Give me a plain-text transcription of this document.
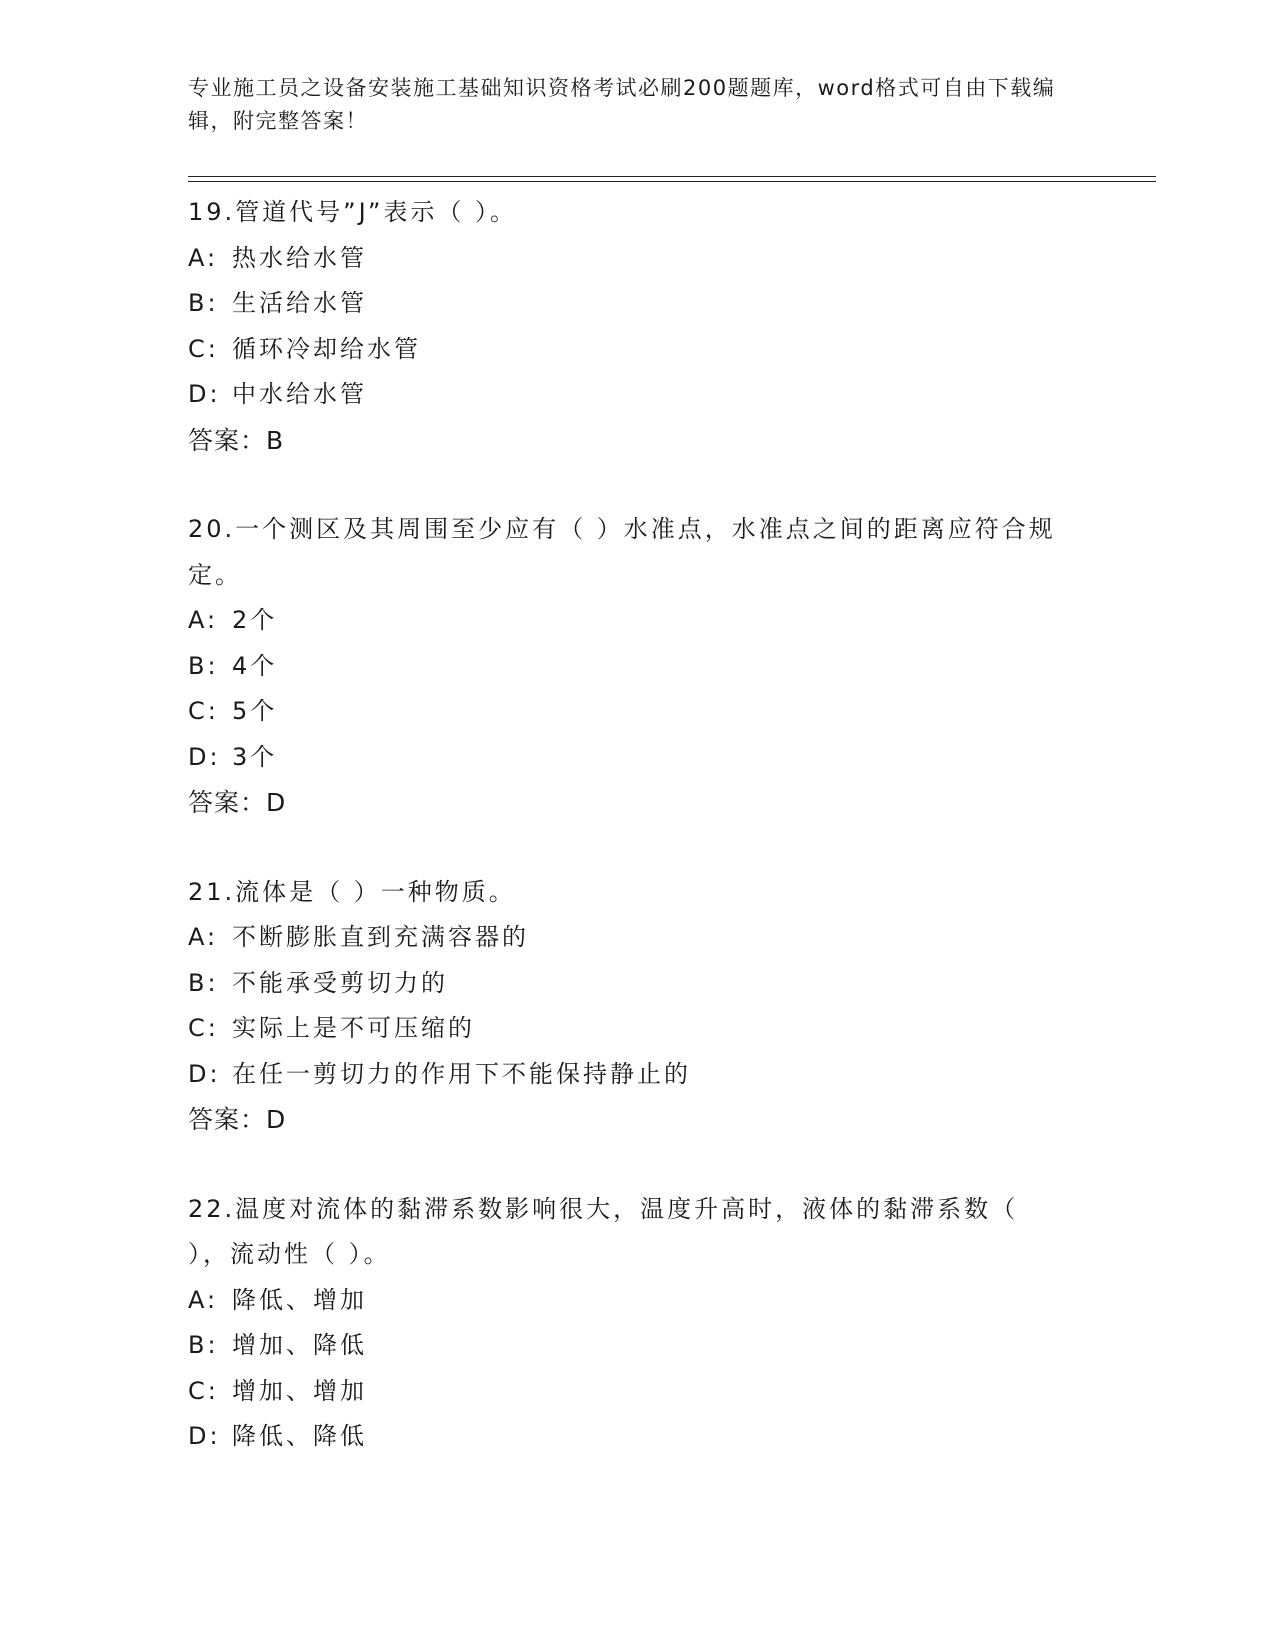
专业施工员之设备安装施工基础知识资格考试必刷200题题库，word格式可自由下载编辑，附完整答案！
19.管道代号”J”表示（ ）。
A: 热水给水管
B: 生活给水管
C: 循环冷却给水管
D: 中水给水管
答案：B
20.一个测区及其周围至少应有（ ）水准点，水准点之间的距离应符合规定。
A: 2个
B: 4个
C: 5个
D: 3个
答案：D
21.流体是（ ）一种物质。
A: 不断膨胀直到充满容器的
B: 不能承受剪切力的
C: 实际上是不可压缩的
D: 在任一剪切力的作用下不能保持静止的
答案：D
22.温度对流体的黏滞系数影响很大，温度升高时，液体的黏滞系数（ ），流动性（ ）。
A: 降低、增加
B: 增加、降低
C: 增加、增加
D: 降低、降低
